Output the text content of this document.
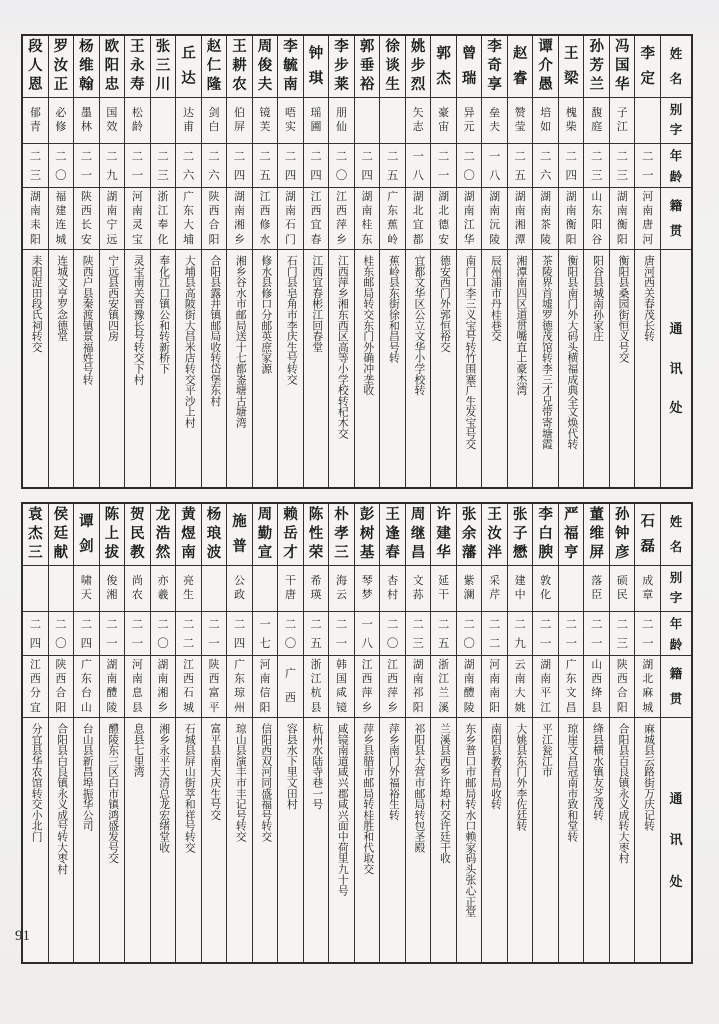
姓
名
别
字
年
龄
籍
贯
通
讯
处
李
定
二
一
河
南
唐
河
唐河西关春茂长转
冯
国
华
子
江
二
三
湖
南
衡
阳
衡阳县桑园街恒义号交
孙
芳
兰
馥
庭
二
三
山
东
阳
谷
阳谷县城南孙家庄
王
梁
槐
柴
二
四
湖
南
衡
阳
衡阳县南门外大码头横福成典全文焕代转
谭
介
愚
培
如
二
六
湖
南
茶
陵
茶陵界首墟罗德茂馆转李三才兄带寄塘霞
赵
睿
赞
莹
二
五
湖
南
湘
潭
湘潭南四区道贯嘴直上豪杰湾
李
奇
享
垒
夫
一
八
湖
南
沅
陵
辰州浦市丹桂巷交
曾
瑞
异
元
二
〇
湖
南
江
华
南门口李三义宝号转竹围寨广生发宝号交
郭
杰
豪
宙
二
一
湖
北
德
安
德安西门外郭恒裕交
姚
步
烈
矢
志
一
八
湖
北
宜
都
宜都文华区公立文华小学校转
徐
谈
生
二
五
广
东
蕉
岭
蕉岭县东街徐和昌号转
郭
垂
裕
二
四
湖
南
桂
东
桂东邮局转交东门外确冲垄收
李
步
莱
朋
仙
二
〇
江
西
萍
乡
江西萍乡湘东西区高等小学校转杞木交
钟
琪
瑶
圃
二
四
江
西
宜
春
江西宜春彬江回春堂
李
毓
南
唔
实
二
四
湖
南
石
门
石门县皂角市李庆生号转交
周
俊
夫
镜
芙
二
五
江
西
修
水
修水县修口分邮英庶家源
王
耕
农
伯
屏
二
四
湖
南
湘
乡
湘乡谷水市邮局送十七都崟塘古塘湾
赵
仁
隆
剑
白
二
六
陕
西
合
阳
合阳县露井镇邮局收转岱堡东村
丘
达
达
甫
二
六
广
东
大
埔
大埔县高陂街大昌米店转交平沙上村
张
三
川
二
三
浙
江
奉
化
奉化江口镇公和转新桥下
王
永
寿
松
龄
二
一
河
南
灵
宝
灵宝南关晋豫长号转交下村
欧
阳
忠
国
效
二
九
湖
南
宁
远
宁远县西安镇四房
杨
维
翰
墨
林
二
一
陕
西
长
安
陕西户县秦渡镇景福姓号转
罗
汝
正
必
修
二
〇
福
建
连
城
连城文亨罗念德堂
段
人
恩
郁
青
二
三
湖
南
耒
阳
耒阳浞田段氏祠转交
姓
名
别
字
年
龄
籍
贯
通
讯
处
石
磊
成
章
二
一
湖
北
麻
城
麻城县云路街万庆记转
孙
钟
彦
硕
民
二
三
陕
西
合
阳
合阳县百良镇永义成转大枣村
董
维
屏
落
臣
二
一
山
西
绛
县
绛县横水镇友芝茂转
严
福
亨
二
一
广
东
文
昌
琼崖文昌冠南市致和堂转
李
白
腴
敦
化
二
一
湖
南
平
江
平江瓮江市
张
子
懋
建
中
二
九
云
南
大
姚
大姚县东门外李佐廷转
王
汝
泮
采
芹
二
二
河
南
南
阳
南阳县教育局收转
张
余
藩
紫
澜
二
〇
湖
南
醴
陵
东乡普口市邮局转水口赖家码头张心正堂
许
建
华
延
干
二
五
浙
江
兰
溪
兰溪县西乡许埠村交许廷干收
周
继
昌
文
荪
二
三
湖
南
祁
阳
祁阳县大营市邮局转包圣殿
王
逢
春
杏
村
二
〇
江
西
萍
乡
萍乡南门外福裕生转
彭
树
基
琴
梦
一
八
江
西
萍
乡
萍乡县腊市邮局转桂胜和代取交
朴
孝
三
海
云
二
一
韩
国
咸
镜
咸镜南道咸兴郡咸兴面中荷里九十号
陈
性
荣
希
瑛
二
五
浙
江
杭
县
杭州水陆寺巷一号
赖
岳
才
干
唐
二
〇
广
西
容县水下里文田村
周
勤
宣
一
七
河
南
信
阳
信阳西双河同盛福号转交
施
普
公
政
二
四
广
东
琼
州
琼山县演丰市丰记号转交
杨
琅
波
二
一
陕
西
富
平
富平县南天庆生号交
黄
煜
南
亮
生
二
二
江
西
石
城
石城县屏山街萃和祥号转交
龙
浩
然
亦
羲
二
〇
湖
南
湘
乡
湘乡永平天清总龙宏绪堂收
贺
民
教
尚
农
二
一
河
南
息
县
息县七里湾
陈
上
拔
俊
湘
二
一
湖
南
醴
陵
醴陵东三区白市镇鸿盛发号交
谭
剑
啸
天
二
四
广
东
台
山
台山县新昌埠振华公司
侯
廷
献
二
〇
陕
西
合
阳
合阳县白良镇永义成号转大枣村
袁
杰
三
二
四
江
西
分
宜
分宜县华农馆转交小北门
91
